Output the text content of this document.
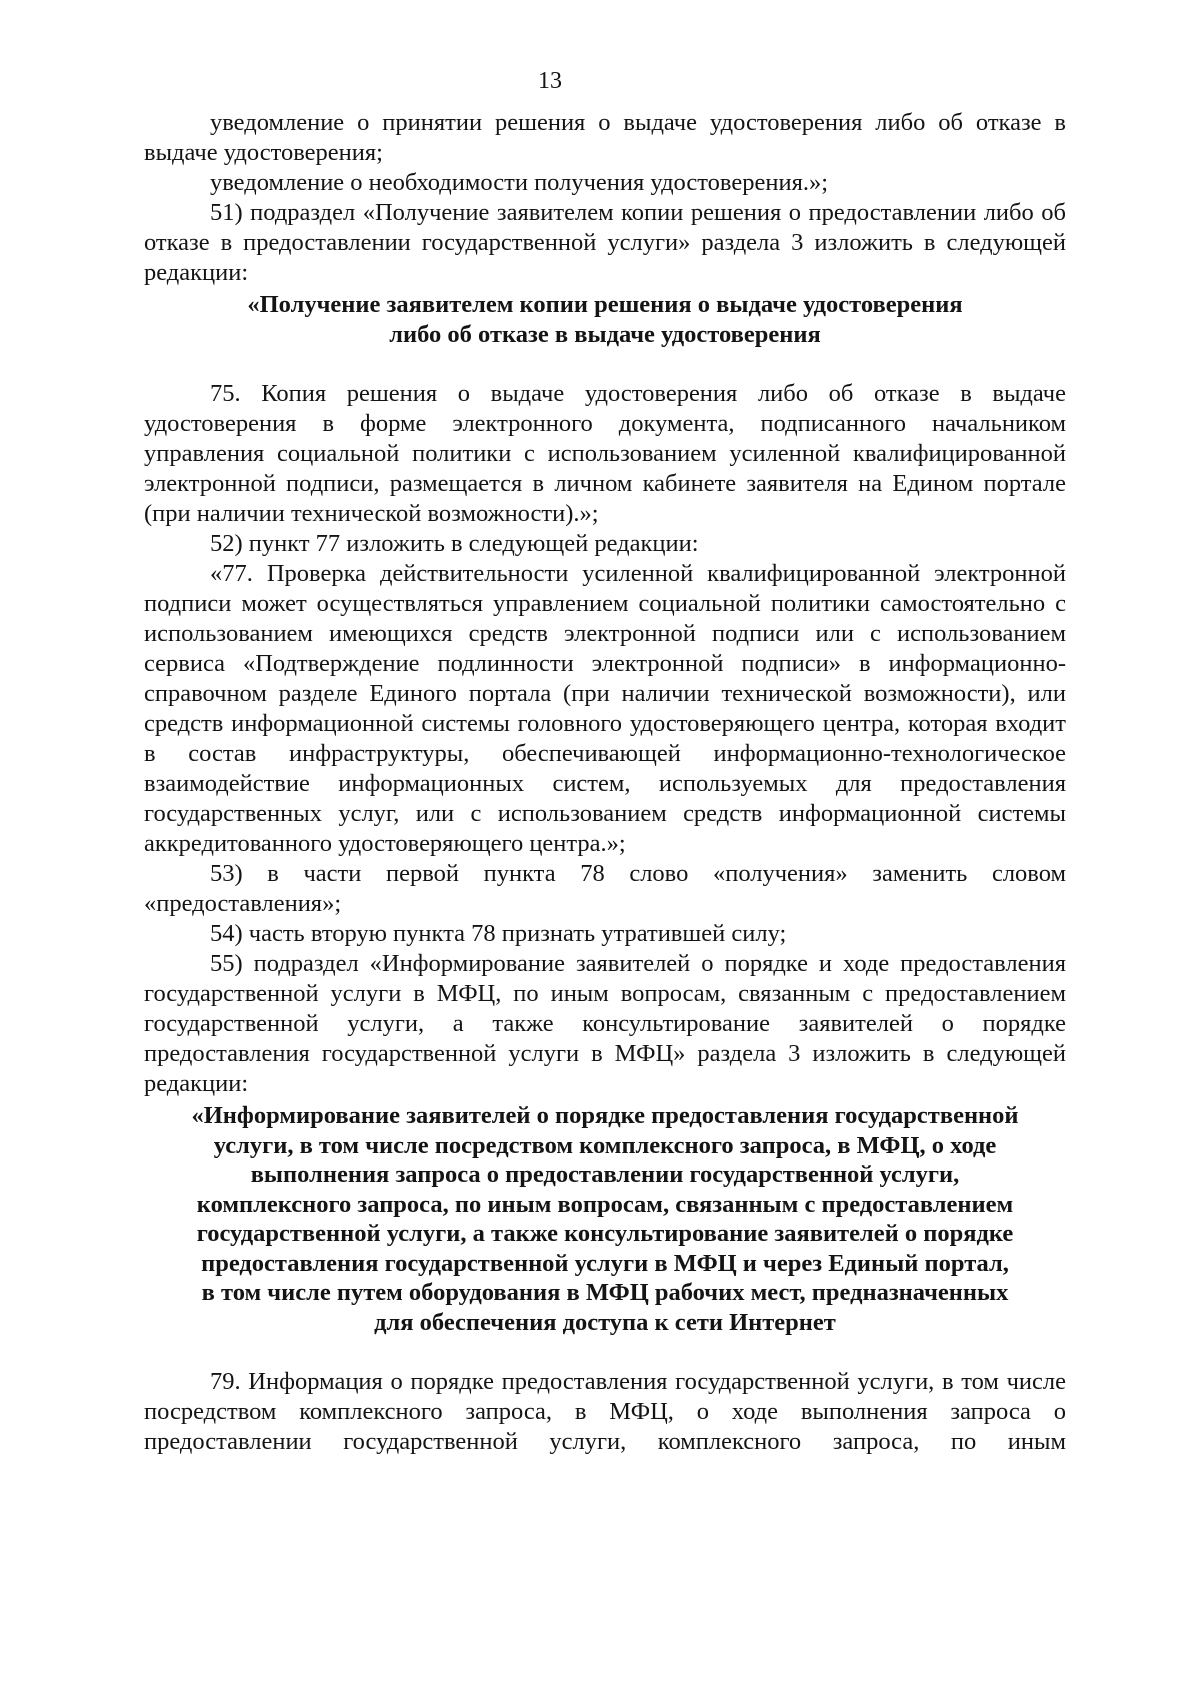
13

уведомление о принятии решения о выдаче удостоверения либо об отказе в выдаче удостоверения;

уведомление о необходимости получения удостоверения.»;

51) подраздел «Получение заявителем копии решения о предоставлении либо об отказе в предоставлении государственной услуги» раздела 3 изложить в следующей редакции:

«Получение заявителем копии решения о выдаче удостоверения

либо об отказе в выдаче удостоверения

75. Копия решения о выдаче удостоверения либо об отказе в выдаче удостоверения в форме электронного документа, подписанного начальником управления социальной политики с использованием усиленной квалифицированной электронной подписи, размещается в личном кабинете заявителя на Едином портале (при наличии технической возможности).»;

52) пункт 77 изложить в следующей редакции:

«77. Проверка действительности усиленной квалифицированной электронной подписи может осуществляться управлением социальной политики самостоятельно с использованием имеющихся средств электронной подписи или с использованием сервиса «Подтверждение подлинности электронной подписи» в информационно-справочном разделе Единого портала (при наличии технической возможности), или средств информационной системы головного удостоверяющего центра, которая входит в состав инфраструктуры, обеспечивающей информационно-технологическое взаимодействие информационных систем, используемых для предоставления государственных услуг, или с использованием средств информационной системы аккредитованного удостоверяющего центра.»;

53) в части первой пункта 78 слово «получения» заменить словом «предоставления»;

54) часть вторую пункта 78 признать утратившей силу;

55) подраздел «Информирование заявителей о порядке и ходе предоставления государственной услуги в МФЦ, по иным вопросам, связанным с предоставлением государственной услуги, а также консультирование заявителей о порядке предоставления государственной услуги в МФЦ» раздела 3 изложить в следующей редакции:

«Информирование заявителей о порядке предоставления государственной

услуги, в том числе посредством комплексного запроса, в МФЦ, о ходе

выполнения запроса о предоставлении государственной услуги,

комплексного запроса, по иным вопросам, связанным с предоставлением

государственной услуги, а также консультирование заявителей о порядке

предоставления государственной услуги в МФЦ и через Единый портал,

в том числе путем оборудования в МФЦ рабочих мест, предназначенных

для обеспечения доступа к сети Интернет

79. Информация о порядке предоставления государственной услуги, в том числе посредством комплексного запроса, в МФЦ, о ходе выполнения запроса о предоставлении государственной услуги, комплексного запроса, по иным
